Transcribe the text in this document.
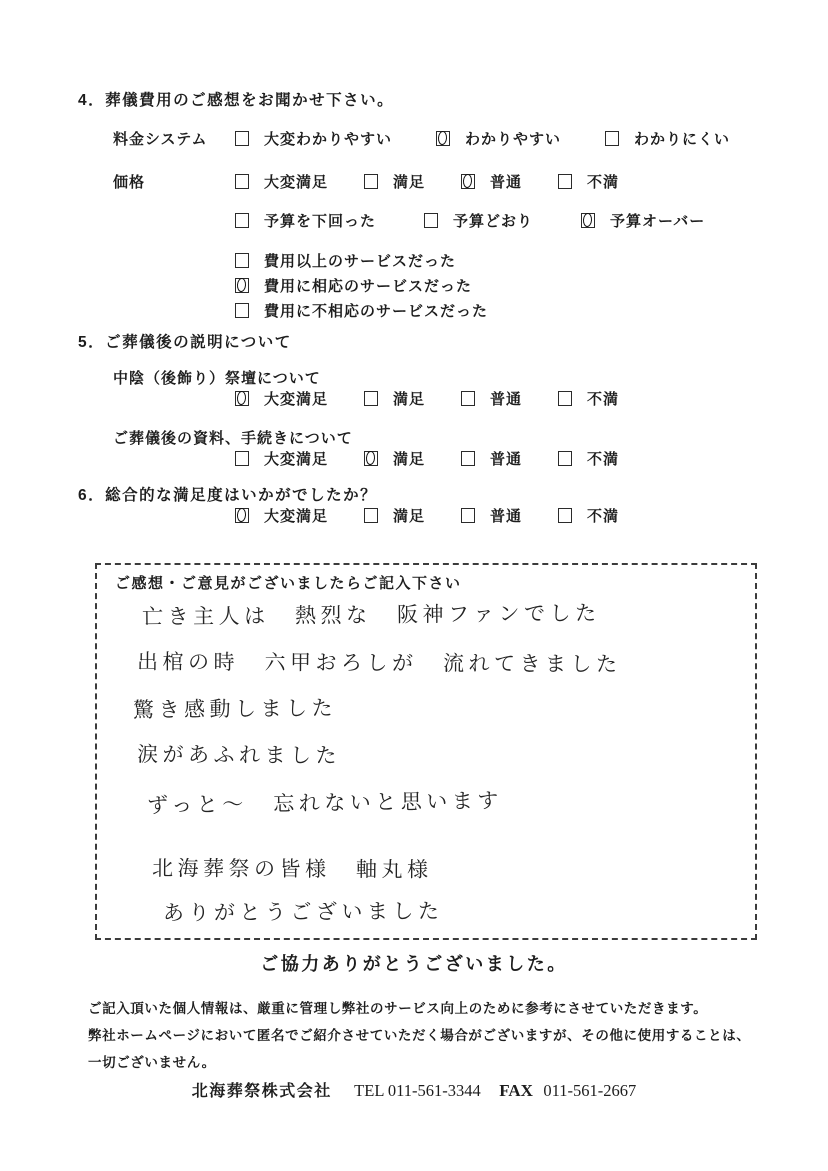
4．葬儀費用のご感想をお聞かせ下さい。
料金システム	大変わかりやすい	わかりやすい	わかりにくい
価格	大変満足	満足	普通	不満
予算を下回った	予算どおり	予算オーバー
費用以上のサービスだった
費用に相応のサービスだった
費用に不相応のサービスだった
5．ご葬儀後の説明について
中陰（後飾り）祭壇について
大変満足	満足	普通	不満
ご葬儀後の資料、手続きについて
大変満足	満足	普通	不満
6．総合的な満足度はいかがでしたか？
大変満足	満足	普通	不満
ご感想・ご意見がございましたらご記入下さい
亡き主人は　熱烈な　阪神ファンでした
出棺の時　六甲おろしが　流れてきました
驚き感動しました
涙があふれました
ずっと〜　忘れないと思います
北海葬祭の皆様　軸丸様
ありがとうございました
ご協力ありがとうございました。
ご記入頂いた個人情報は、厳重に管理し弊社のサービス向上のために参考にさせていただきます。
弊社ホームページにおいて匿名でご紹介させていただく場合がございますが、その他に使用することは、
一切ございません。
北海葬祭株式会社 TEL 011-561-3344 FAX 011-561-2667
